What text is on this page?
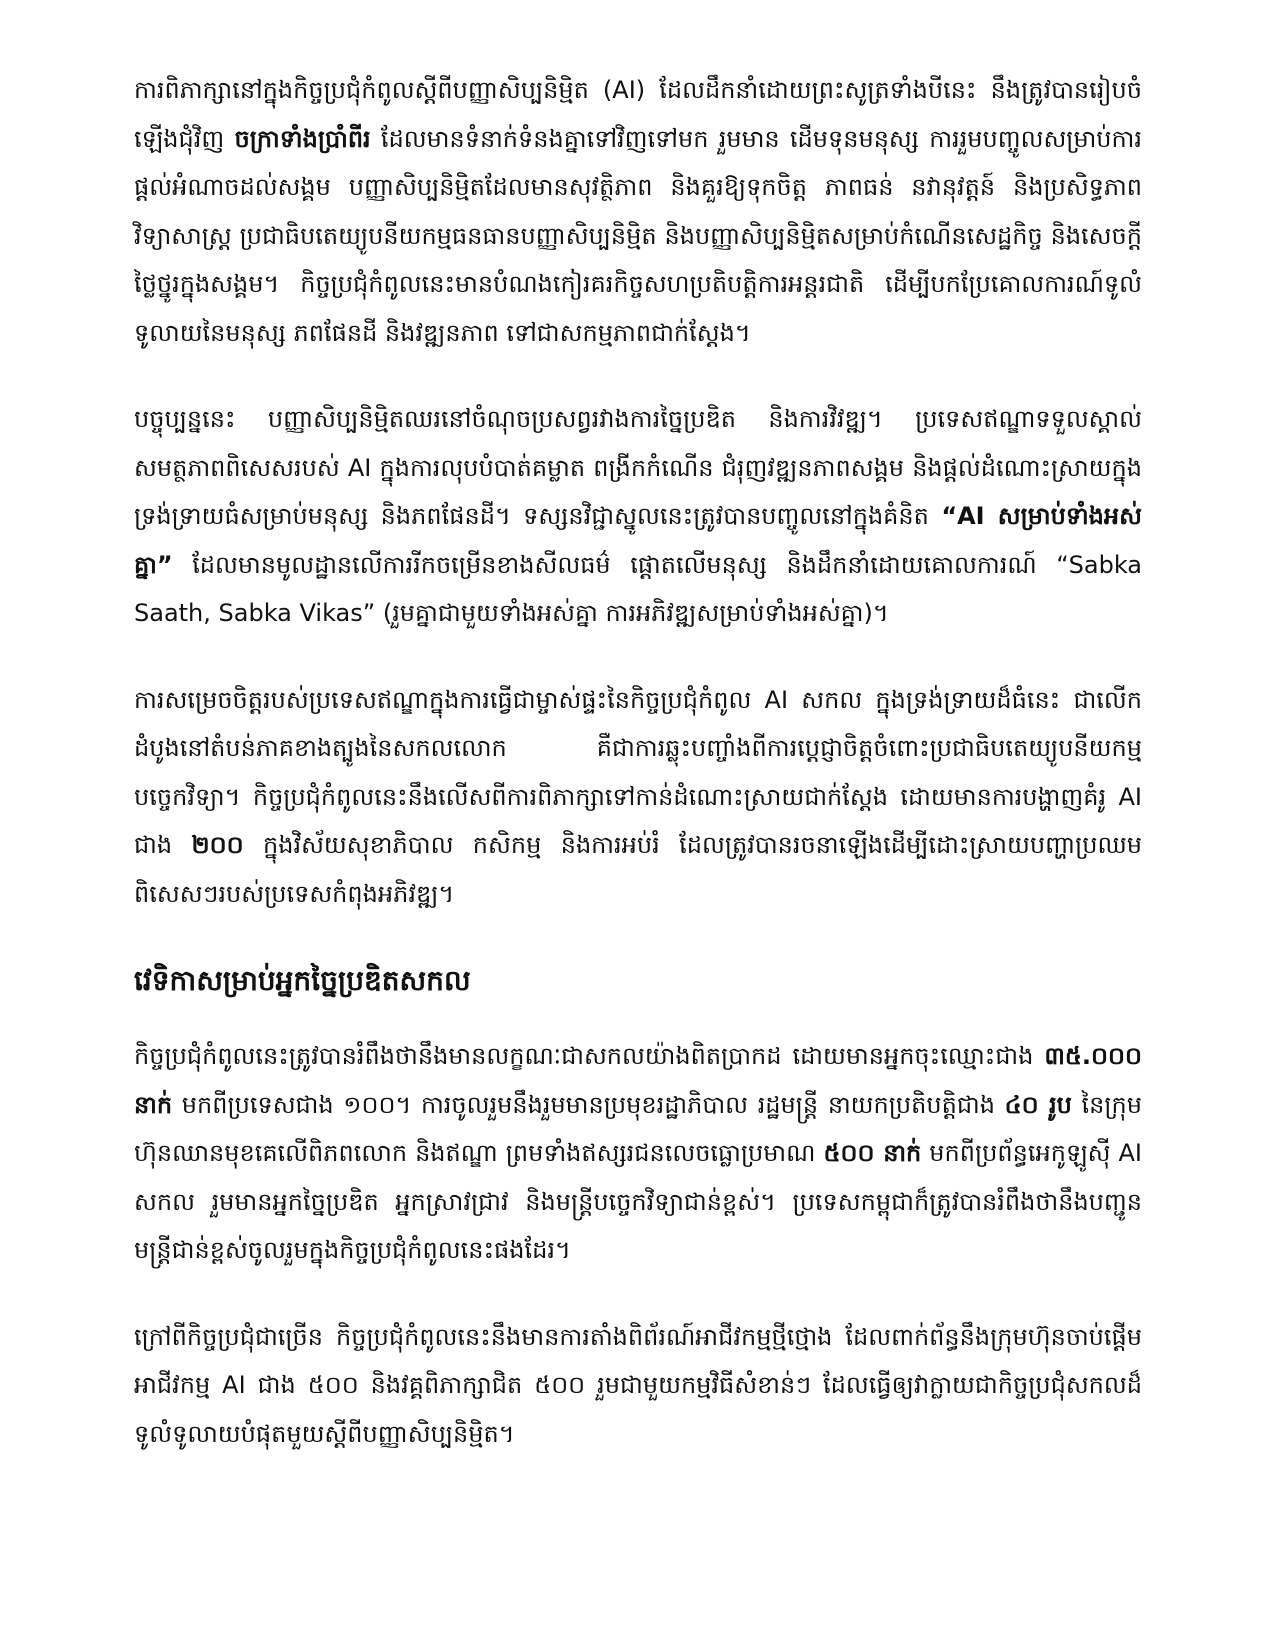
ការពិភាក្សានៅក្នុងកិច្ចប្រជុំកំពូលស្តីពីបញ្ញាសិប្បនិម្មិត (AI) ដែលដឹកនាំដោយព្រះសូត្រទាំងបីនេះ នឹងត្រូវបានរៀបចំឡើងជុំវិញ ចក្រាទាំងប្រាំពីរ ដែលមានទំនាក់ទំនងគ្នាទៅវិញទៅមក រួមមាន ដើមទុនមនុស្ស ការរួមបញ្ចូលសម្រាប់ការផ្តល់អំណាចដល់សង្គម បញ្ញាសិប្បនិម្មិតដែលមានសុវត្ថិភាព និងគួរឱ្យទុកចិត្ត ភាពធន់ នវានុវត្តន៍ និងប្រសិទ្ធភាព វិទ្យាសាស្ត្រ ប្រជាធិបតេយ្យូបនីយកម្មធនធានបញ្ញាសិប្បនិម្មិត និងបញ្ញាសិប្បនិម្មិតសម្រាប់កំណើនសេដ្ឋកិច្ច និងសេចក្តីថ្លៃថ្នូរក្នុងសង្គម។ កិច្ចប្រជុំកំពូលនេះមានបំណងកៀរគរកិច្ចសហប្រតិបត្តិការអន្តរជាតិ ដើម្បីបកប្រែគោលការណ៍ទូលំទូលាយនៃមនុស្ស ភពផែនដី និងវឌ្ឍនភាព ទៅជាសកម្មភាពជាក់ស្តែង។

បច្ចុប្បន្ននេះ បញ្ញាសិប្បនិម្មិតឈរនៅចំណុចប្រសព្វរវាងការច្នៃប្រឌិត និងការវិវឌ្ឍ។ ប្រទេសឥណ្ឌាទទួលស្គាល់សមត្ថភាពពិសេសរបស់ AI ក្នុងការលុបបំបាត់គម្លាត ពង្រីកកំណើន ជំរុញវឌ្ឍនភាពសង្គម និងផ្តល់ដំណោះស្រាយក្នុងទ្រង់ទ្រាយធំសម្រាប់មនុស្ស និងភពផែនដី។ ទស្សនវិជ្ជាស្នូលនេះត្រូវបានបញ្ចូលនៅក្នុងគំនិត “AI សម្រាប់ទាំងអស់គ្នា” ដែលមានមូលដ្ឋានលើការរីកចម្រើនខាងសីលធម៌ ផ្តោតលើមនុស្ស និងដឹកនាំដោយគោលការណ៍ “Sabka Saath, Sabka Vikas” (រួមគ្នាជាមួយទាំងអស់គ្នា ការអភិវឌ្ឍសម្រាប់ទាំងអស់គ្នា)។

ការសម្រេចចិត្តរបស់ប្រទេសឥណ្ឌាក្នុងការធ្វើជាម្ចាស់ផ្ទះនៃកិច្ចប្រជុំកំពូល AI សកល ក្នុងទ្រង់ទ្រាយដ៏ធំនេះ ជាលើកដំបូងនៅតំបន់ភាគខាងត្បូងនៃសកលលោក គឺជាការឆ្លុះបញ្ចាំងពីការប្តេជ្ញាចិត្តចំពោះប្រជាធិបតេយ្យូបនីយកម្មបច្ចេកវិទ្យា។ កិច្ចប្រជុំកំពូលនេះនឹងលើសពីការពិភាក្សាទៅកាន់ដំណោះស្រាយជាក់ស្តែង ដោយមានការបង្ហាញគំរូ AI ជាង ២០០ ក្នុងវិស័យសុខាភិបាល កសិកម្ម និងការអប់រំ ដែលត្រូវបានរចនាឡើងដើម្បីដោះស្រាយបញ្ហាប្រឈមពិសេសៗរបស់ប្រទេសកំពុងអភិវឌ្ឍ។

វេទិកាសម្រាប់អ្នកច្នៃប្រឌិតសកល

កិច្ចប្រជុំកំពូលនេះត្រូវបានរំពឹងថានឹងមានលក្ខណៈជាសកលយ៉ាងពិតប្រាកដ ដោយមានអ្នកចុះឈ្មោះជាង ៣៥.០០០ នាក់ មកពីប្រទេសជាង ១០០។ ការចូលរួមនឹងរួមមានប្រមុខរដ្ឋាភិបាល រដ្ឋមន្ត្រី នាយកប្រតិបត្តិជាង ៤០ រូប នៃក្រុមហ៊ុនឈានមុខគេលើពិភពលោក និងឥណ្ឌា ព្រមទាំងឥស្សរជនលេចធ្លោប្រមាណ ៥០០ នាក់ មកពីប្រព័ន្ធអេកូឡូស៊ី AI សកល រួមមានអ្នកច្នៃប្រឌិត អ្នកស្រាវជ្រាវ និងមន្ត្រីបច្ចេកវិទ្យាជាន់ខ្ពស់។ ប្រទេសកម្ពុជាក៏ត្រូវបានរំពឹងថានឹងបញ្ជូនមន្ត្រីជាន់ខ្ពស់ចូលរួមក្នុងកិច្ចប្រជុំកំពូលនេះផងដែរ។

ក្រៅពីកិច្ចប្រជុំជាច្រើន កិច្ចប្រជុំកំពូលនេះនឹងមានការតាំងពិព័រណ៍អាជីវកម្មថ្មីថ្មោង ដែលពាក់ព័ន្ធនឹងក្រុមហ៊ុនចាប់ផ្តើមអាជីវកម្ម AI ជាង ៥០០ និងវគ្គពិភាក្សាជិត ៥០០ រួមជាមួយកម្មវិធីសំខាន់ៗ ដែលធ្វើឲ្យវាក្លាយជាកិច្ចប្រជុំសកលដ៏ទូលំទូលាយបំផុតមួយស្តីពីបញ្ញាសិប្បនិម្មិត។
